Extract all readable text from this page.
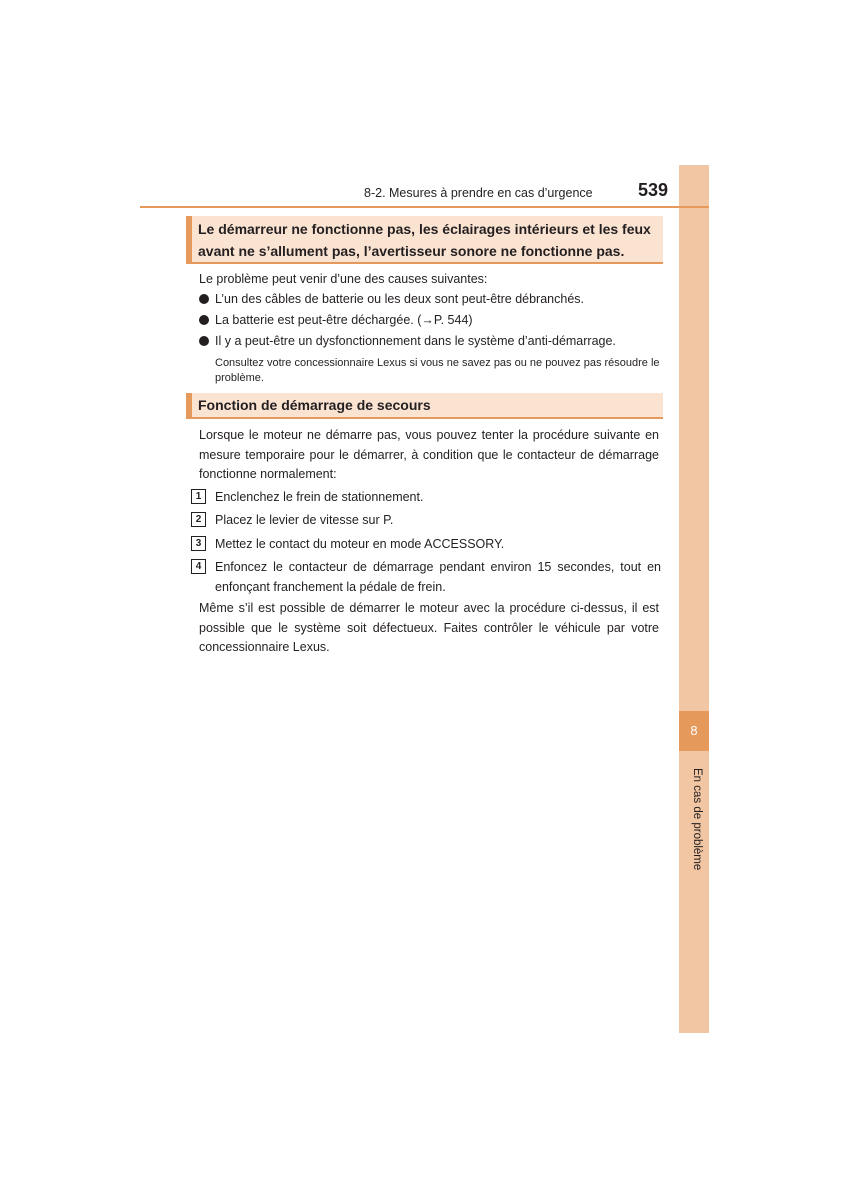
8
En cas de problème
8-2. Mesures à prendre en cas d’urgence	539
Le démarreur ne fonctionne pas, les éclairages intérieurs et les feux
avant ne s’allument pas, l’avertisseur sonore ne fonctionne pas.
Le problème peut venir d’une des causes suivantes:
L’un des câbles de batterie ou les deux sont peut-être débranchés.
La batterie est peut-être déchargée. (→P. 544)
Il y a peut-être un dysfonctionnement dans le système d’anti-démarrage.
Consultez votre concessionnaire Lexus si vous ne savez pas ou ne pouvez pas résoudre le problème.
Fonction de démarrage de secours
Lorsque le moteur ne démarre pas, vous pouvez tenter la procédure suivante en mesure temporaire pour le démarrer, à condition que le contacteur de démarrage fonctionne normalement:
1	Enclenchez le frein de stationnement.
2	Placez le levier de vitesse sur P.
3	Mettez le contact du moteur en mode ACCESSORY.
4	Enfoncez le contacteur de démarrage pendant environ 15 secondes, tout en enfonçant franchement la pédale de frein.
Même s’il est possible de démarrer le moteur avec la procédure ci-dessus, il est possible que le système soit défectueux. Faites contrôler le véhicule par votre concessionnaire Lexus.
